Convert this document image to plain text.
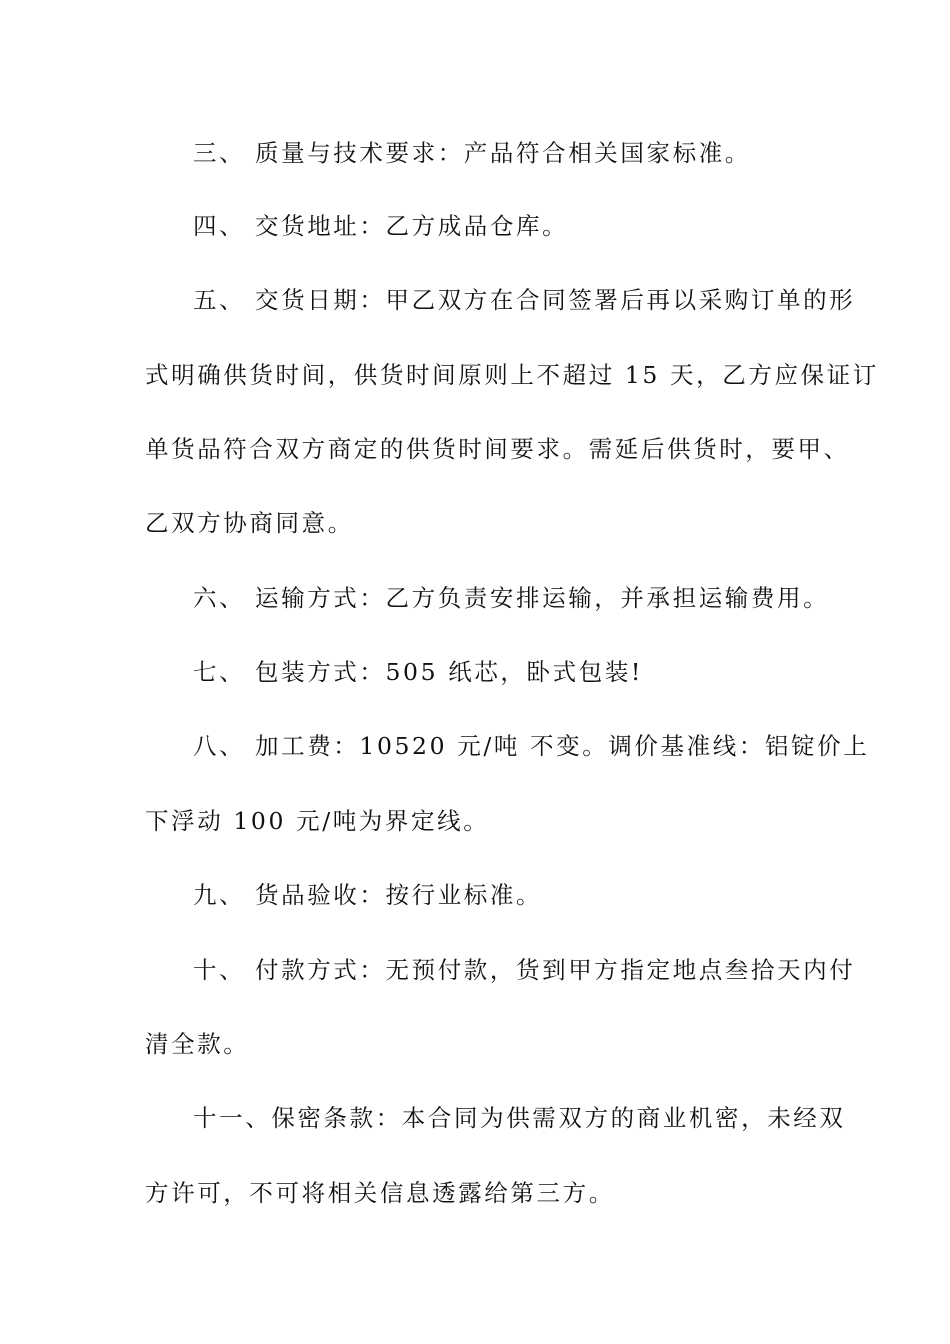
三、 质量与技术要求：产品符合相关国家标准。
四、 交货地址：乙方成品仓库。
五、 交货日期：甲乙双方在合同签署后再以采购订单的形
式明确供货时间，供货时间原则上不超过 15 天，乙方应保证订
单货品符合双方商定的供货时间要求。需延后供货时，要甲、
乙双方协商同意。
六、 运输方式：乙方负责安排运输，并承担运输费用。
七、 包装方式：505 纸芯，卧式包装!
八、 加工费：10520 元/吨 不变。调价基准线：铝锭价上
下浮动 100 元/吨为界定线。
九、 货品验收：按行业标准。
十、 付款方式：无预付款，货到甲方指定地点叁拾天内付
清全款。
十一、保密条款：本合同为供需双方的商业机密，未经双
方许可，不可将相关信息透露给第三方。
